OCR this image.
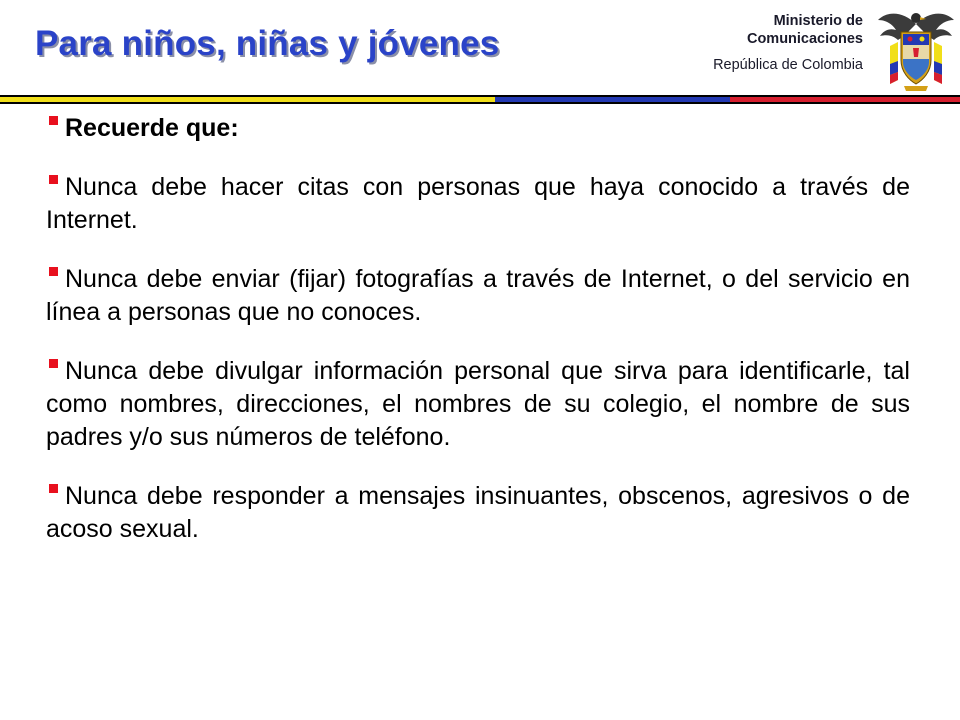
Para niños, niñas y jóvenes
Ministerio de
Comunicaciones
República de Colombia

Recuerde que:

Nunca debe hacer citas con personas que haya conocido a través de Internet.

Nunca debe enviar (fijar) fotografías a través de Internet, o del servicio en línea a personas que no conoces.

Nunca debe divulgar información personal que sirva para identificarle, tal como nombres, direcciones, el nombres de su colegio, el nombre de sus padres y/o sus números de teléfono.

Nunca debe responder a mensajes insinuantes, obscenos, agresivos o de acoso sexual.
